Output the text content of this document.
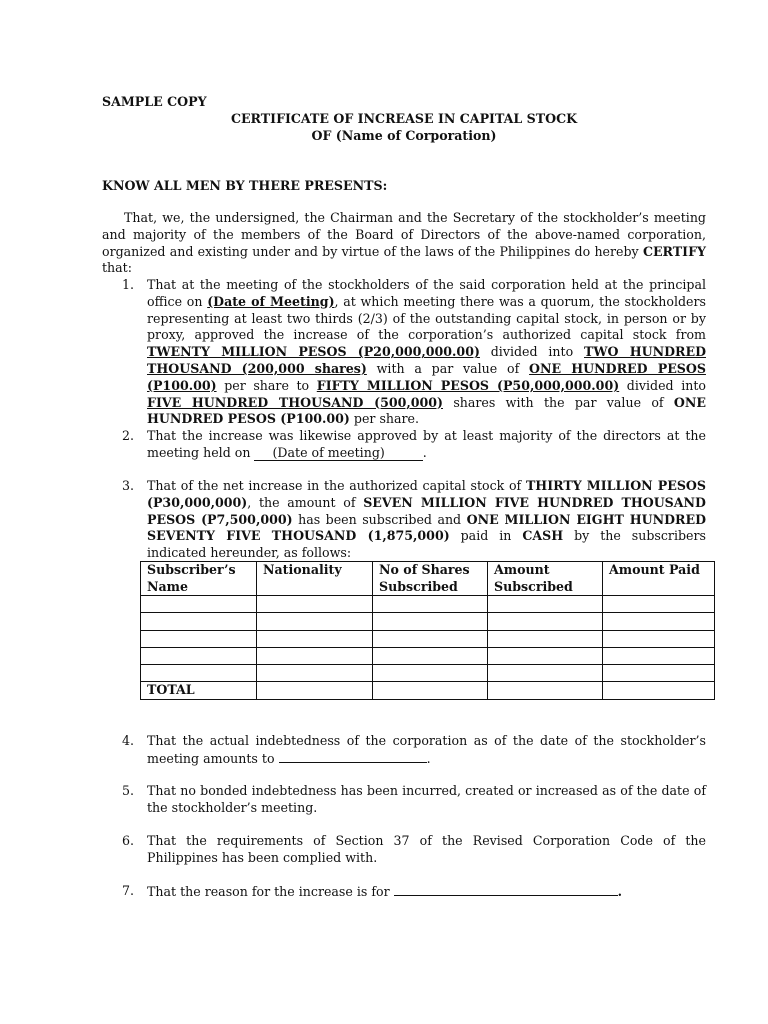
SAMPLE COPY
CERTIFICATE OF INCREASE IN CAPITAL STOCK
OF (Name of Corporation)
KNOW ALL MEN BY THERE PRESENTS:
That, we, the undersigned, the Chairman and the Secretary of the stockholder’s meeting and majority of the members of the Board of Directors of the above-named corporation, organized and existing under and by virtue of the laws of the Philippines do hereby CERTIFY that:
1.	That at the meeting of the stockholders of the said corporation held at the principal office on (Date of Meeting), at which meeting there was a quorum, the stockholders representing at least two thirds (2/3) of the outstanding capital stock, in person or by proxy, approved the increase of the corporation’s authorized capital stock from TWENTY MILLION PESOS (P20,000,000.00) divided into TWO HUNDRED THOUSAND (200,000 shares) with a par value of ONE HUNDRED PESOS (P100.00) per share to FIFTY MILLION PESOS (P50,000,000.00) divided into FIVE HUNDRED THOUSAND (500,000) shares with the par value of ONE HUNDRED PESOS (P100.00) per share.
2.	That the increase was likewise approved by at least majority of the directors at the meeting held on (Date of meeting)	.
3.	That of the net increase in the authorized capital stock of THIRTY MILLION PESOS (P30,000,000), the amount of SEVEN MILLION FIVE HUNDRED THOUSAND PESOS (P7,500,000) has been subscribed and ONE MILLION EIGHT HUNDRED SEVENTY FIVE THOUSAND (1,875,000) paid in CASH by the subscribers indicated hereunder, as follows:
Subscriber’s Name	Nationality	No of Shares Subscribed	Amount Subscribed	Amount Paid

TOTAL				
4.	That the actual indebtedness of the corporation as of the date of the stockholder’s meeting amounts to	.
5.	That no bonded indebtedness has been incurred, created or increased as of the date of the stockholder’s meeting.
6.	That the requirements of Section 37 of the Revised Corporation Code of the Philippines has been complied with.
7.	That the reason for the increase is for	.
